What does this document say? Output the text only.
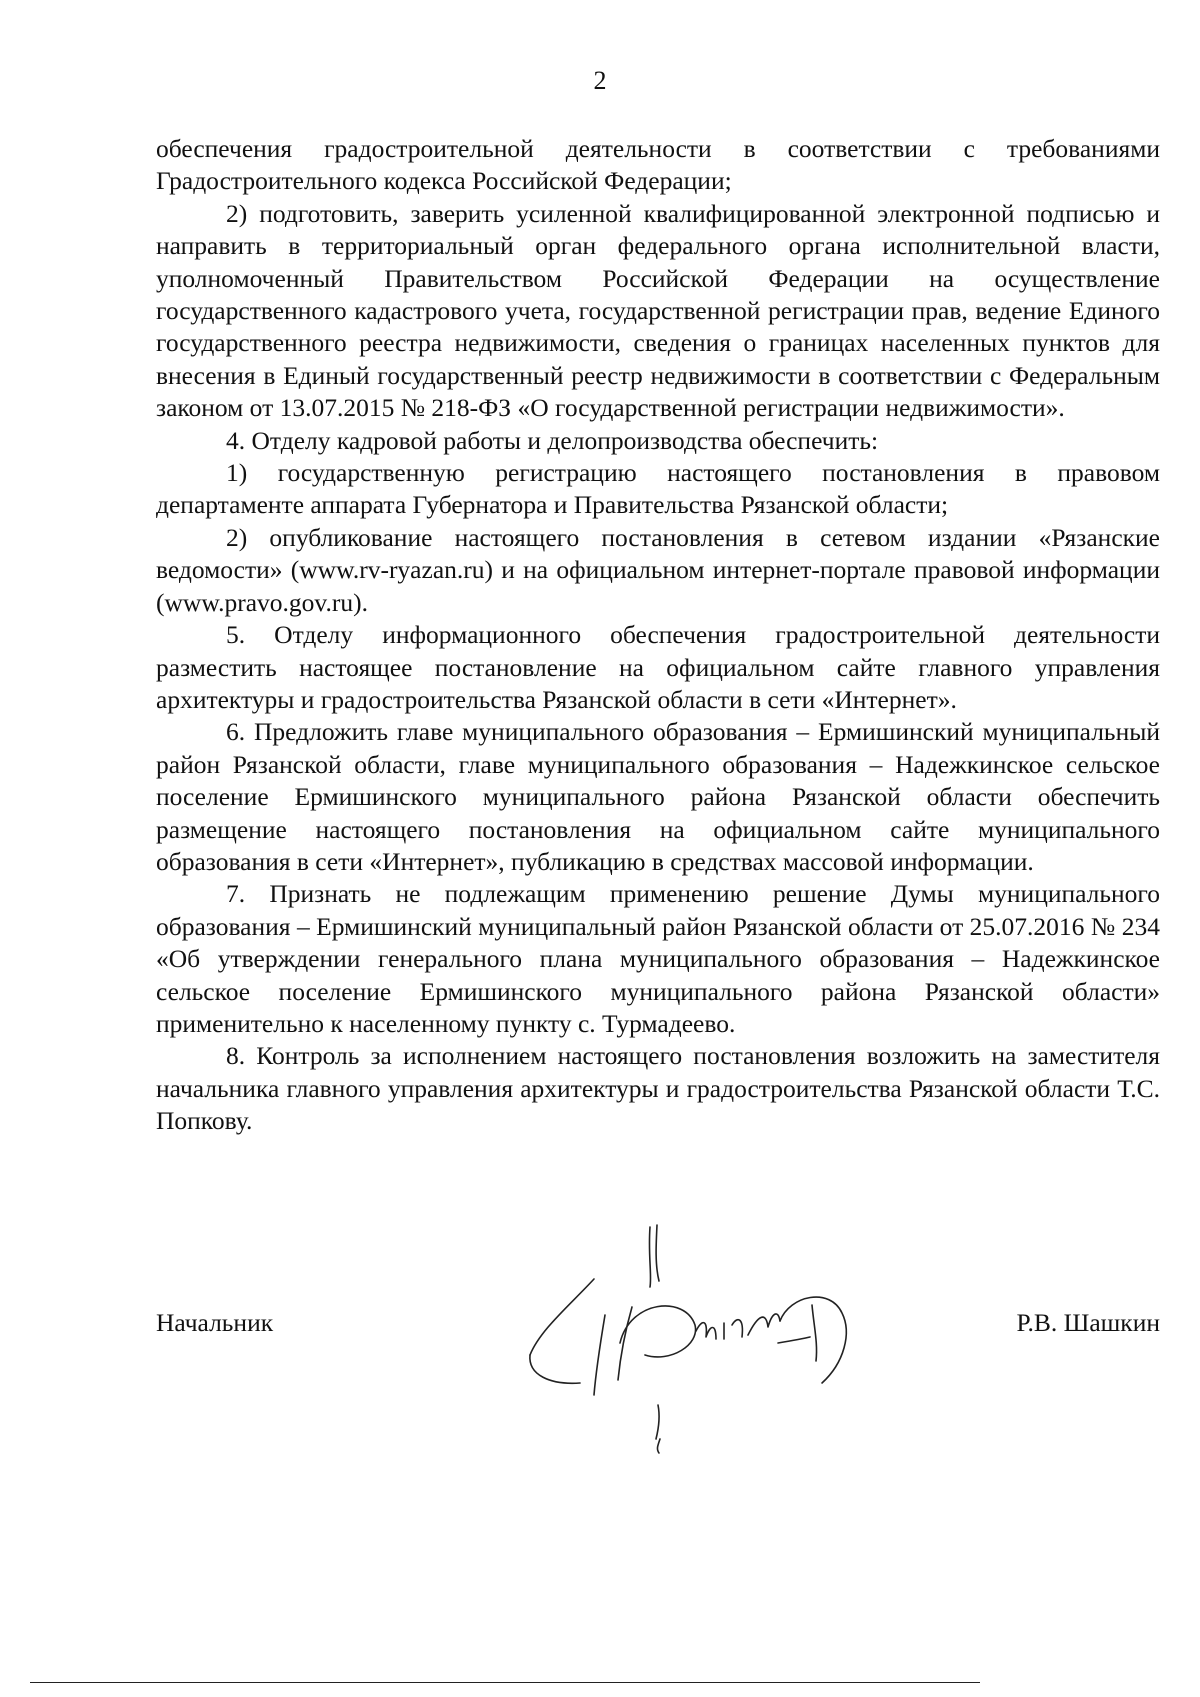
2

обеспечения градостроительной деятельности в соответствии с требованиями Градостроительного кодекса Российской Федерации;

2) подготовить, заверить усиленной квалифицированной электронной подписью и направить в территориальный орган федерального органа исполнительной власти, уполномоченный Правительством Российской Федерации на осуществление государственного кадастрового учета, государственной регистрации прав, ведение Единого государственного реестра недвижимости, сведения о границах населенных пунктов для внесения в Единый государственный реестр недвижимости в соответствии с Федеральным законом от 13.07.2015 № 218-ФЗ «О государственной регистрации недвижимости».

4. Отделу кадровой работы и делопроизводства обеспечить:

1) государственную регистрацию настоящего постановления в правовом департаменте аппарата Губернатора и Правительства Рязанской области;

2) опубликование настоящего постановления в сетевом издании «Рязанские ведомости» (www.rv-ryazan.ru) и на официальном интернет-портале правовой информации (www.pravo.gov.ru).

5. Отделу информационного обеспечения градостроительной деятельности разместить настоящее постановление на официальном сайте главного управления архитектуры и градостроительства Рязанской области в сети «Интернет».

6. Предложить главе муниципального образования – Ермишинский муниципальный район Рязанской области, главе муниципального образования – Надежкинское сельское поселение Ермишинского муниципального района Рязанской области обеспечить размещение настоящего постановления на официальном сайте муниципального образования в сети «Интернет», публикацию в средствах массовой информации.

7. Признать не подлежащим применению решение Думы муниципального образования – Ермишинский муниципальный район Рязанской области от 25.07.2016 № 234 «Об утверждении генерального плана муниципального образования – Надежкинское сельское поселение Ермишинского муниципального района Рязанской области» применительно к населенному пункту с. Турмадеево.

8. Контроль за исполнением настоящего постановления возложить на заместителя начальника главного управления архитектуры и градостроительства Рязанской области Т.С. Попкову.

Начальник	Р.В. Шашкин
